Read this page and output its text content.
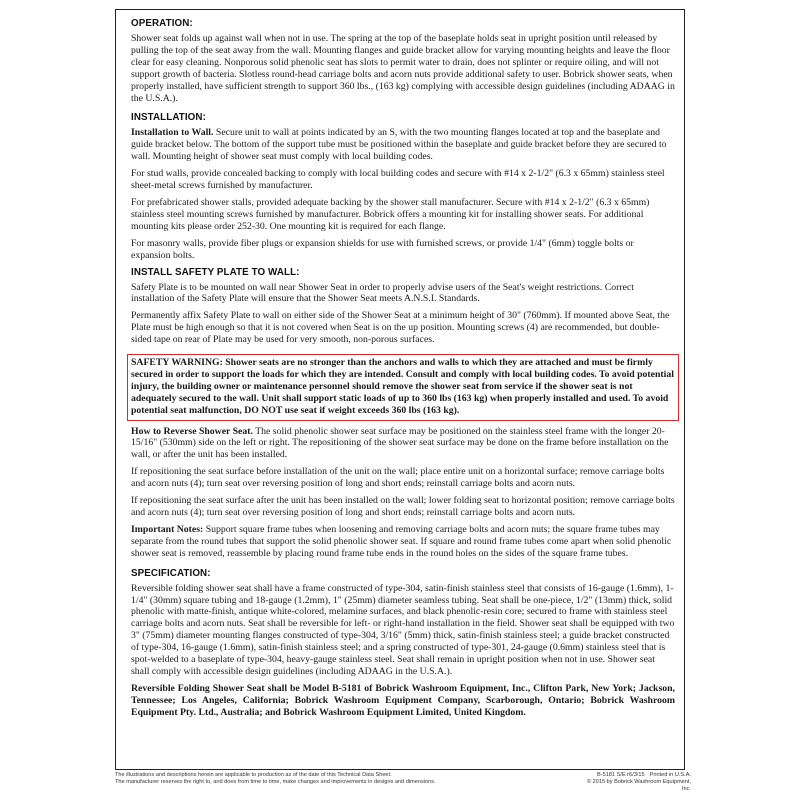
OPERATION:

Shower seat folds up against wall when not in use. The spring at the top of the baseplate holds seat in upright position until released by pulling the top of the seat away from the wall. Mounting flanges and guide bracket allow for varying mounting heights and leave the floor clear for easy cleaning. Nonporous solid phenolic seat has slots to permit water to drain, does not splinter or require oiling, and will not support growth of bacteria. Slotless round-head carriage bolts and acorn nuts provide additional safety to user. Bobrick shower seats, when properly installed, have sufficient strength to support 360 lbs., (163 kg) complying with accessible design guidelines (including ADAAG in the U.S.A.).

INSTALLATION:

Installation to Wall. Secure unit to wall at points indicated by an S, with the two mounting flanges located at top and the baseplate and guide bracket below. The bottom of the support tube must be positioned within the baseplate and guide bracket before they are secured to wall. Mounting height of shower seat must comply with local building codes.

For stud walls, provide concealed backing to comply with local building codes and secure with #14 x 2-1/2" (6.3 x 65mm) stainless steel sheet-metal screws furnished by manufacturer.

For prefabricated shower stalls, provided adequate backing by the shower stall manufacturer. Secure with #14 x 2-1/2" (6.3 x 65mm) stainless steel mounting screws furnished by manufacturer. Bobrick offers a mounting kit for installing shower seats. For additional mounting kits please order 252-30. One mounting kit is required for each flange.

For masonry walls, provide fiber plugs or expansion shields for use with furnished screws, or provide 1/4" (6mm) toggle bolts or expansion bolts.

INSTALL SAFETY PLATE TO WALL:

Safety Plate is to be mounted on wall near Shower Seat in order to properly advise users of the Seat's weight restrictions. Correct installation of the Safety Plate will ensure that the Shower Seat meets A.N.S.I. Standards.

Permanently affix Safety Plate to wall on either side of the Shower Seat at a minimum height of 30" (760mm). If mounted above Seat, the Plate must be high enough so that it is not covered when Seat is on the up position. Mounting screws (4) are recommended, but double-sided tape on rear of Plate may be used for very smooth, non-porous surfaces.

SAFETY WARNING: Shower seats are no stronger than the anchors and walls to which they are attached and must be firmly secured in order to support the loads for which they are intended. Consult and comply with local building codes. To avoid potential injury, the building owner or maintenance personnel should remove the shower seat from service if the shower seat is not adequately secured to the wall. Unit shall support static loads of up to 360 lbs (163 kg) when properly installed and used. To avoid potential seat malfunction, DO NOT use seat if weight exceeds 360 lbs (163 kg).

How to Reverse Shower Seat. The solid phenolic shower seat surface may be positioned on the stainless steel frame with the longer 20-15/16" (530mm) side on the left or right. The repositioning of the shower seat surface may be done on the frame before installation on the wall, or after the unit has been installed.

If repositioning the seat surface before installation of the unit on the wall; place entire unit on a horizontal surface; remove carriage bolts and acorn nuts (4); turn seat over reversing position of long and short ends; reinstall carriage bolts and acorn nuts.

If repositioning the seat surface after the unit has been installed on the wall; lower folding seat to horizontal position; remove carriage bolts and acorn nuts (4); turn seat over reversing position of long and short ends; reinstall carriage bolts and acorn nuts.

Important Notes: Support square frame tubes when loosening and removing carriage bolts and acorn nuts; the square frame tubes may separate from the round tubes that support the solid phenolic shower seat. If square and round frame tubes come apart when solid phenolic shower seat is removed, reassemble by placing round frame tube ends in the round holes on the sides of the square frame tubes.

SPECIFICATION:

Reversible folding shower seat shall have a frame constructed of type-304, satin-finish stainless steel that consists of 16-gauge (1.6mm), 1-1/4" (30mm) square tubing and 18-gauge (1.2mm), 1" (25mm) diameter seamless tubing. Seat shall be one-piece, 1/2" (13mm) thick, solid phenolic with matte-finish, antique white-colored, melamine surfaces, and black phenolic-resin core; secured to frame with stainless steel carriage bolts and acorn nuts. Seat shall be reversible for left- or right-hand installation in the field. Shower seat shall be equipped with two 3" (75mm) diameter mounting flanges constructed of type-304, 3/16" (5mm) thick, satin-finish stainless steel; a guide bracket constructed of type-304, 16-gauge (1.6mm), satin-finish stainless steel; and a spring constructed of type-301, 24-gauge (0.6mm) stainless steel that is spot-welded to a baseplate of type-304, heavy-gauge stainless steel. Seat shall remain in upright position when not in use. Shower seat shall comply with accessible design guidelines (including ADAAG in the U.S.A.).

Reversible Folding Shower Seat shall be Model B-5181 of Bobrick Washroom Equipment, Inc., Clifton Park, New York; Jackson, Tennessee; Los Angeles, California; Bobrick Washroom Equipment Company, Scarborough, Ontario; Bobrick Washroom Equipment Pty. Ltd., Australia; and Bobrick Washroom Equipment Limited, United Kingdom.

The illustrations and descriptions herein are applicable to production as of the date of this Technical Data Sheet.
The manufacturer reserves the right to, and does from time to time, make changes and improvements in designs and dimensions.
B-5181 S/E r6/3/15 Printed in U.S.A.
© 2015 by Bobrick Washroom Equipment, Inc.
